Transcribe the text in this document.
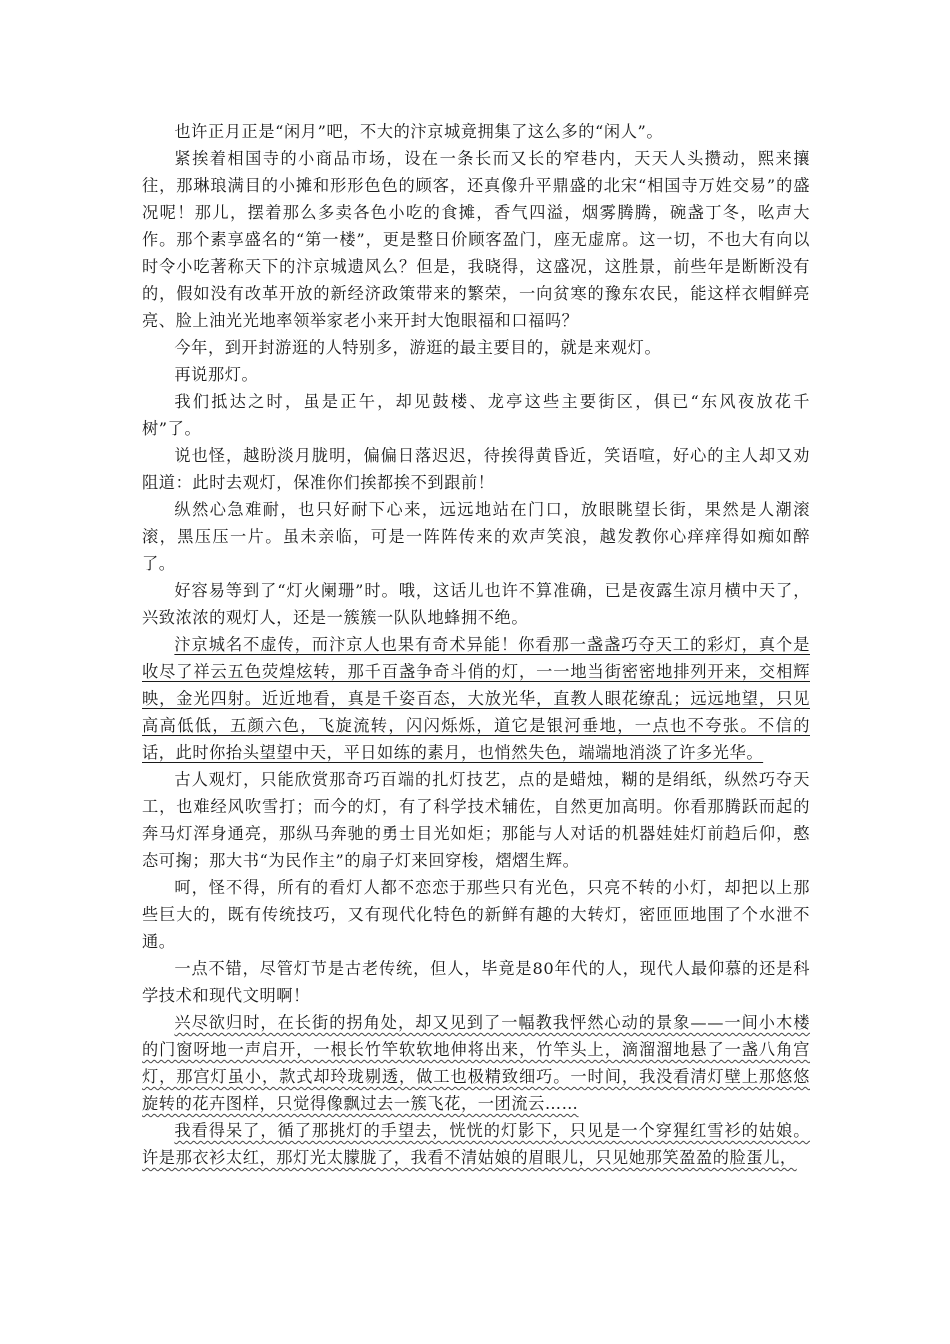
也许正月正是“闲月”吧，不大的汴京城竟拥集了这么多的“闲人”。

紧挨着相国寺的小商品市场，设在一条长而又长的窄巷内，天天人头攒动，熙来攘往，那琳琅满目的小摊和形形色色的顾客，还真像升平鼎盛的北宋“相国寺万姓交易”的盛况呢！那儿，摆着那么多卖各色小吃的食摊，香气四溢，烟雾腾腾，碗盏丁冬，吆声大作。那个素享盛名的“第一楼”，更是整日价顾客盈门，座无虚席。这一切，不也大有向以时令小吃著称天下的汴京城遗风么？但是，我晓得，这盛况，这胜景，前些年是断断没有的，假如没有改革开放的新经济政策带来的繁荣，一向贫寒的豫东农民，能这样衣帽鲜亮亮、脸上油光光地率领举家老小来开封大饱眼福和口福吗？

今年，到开封游逛的人特别多，游逛的最主要目的，就是来观灯。

再说那灯。

我们抵达之时，虽是正午，却见鼓楼、龙亭这些主要街区，俱已“东风夜放花千树”了。

说也怪，越盼淡月胧明，偏偏日落迟迟，待挨得黄昏近，笑语喧，好心的主人却又劝阻道：此时去观灯，保准你们挨都挨不到跟前！

纵然心急难耐，也只好耐下心来，远远地站在门口，放眼眺望长街，果然是人潮滚滚，黑压压一片。虽未亲临，可是一阵阵传来的欢声笑浪，越发教你心痒痒得如痴如醉了。

好容易等到了“灯火阑珊”时。哦，这话儿也许不算准确，已是夜露生凉月横中天了，兴致浓浓的观灯人，还是一簇簇一队队地蜂拥不绝。

汴京城名不虚传，而汴京人也果有奇术异能！你看那一盏盏巧夺天工的彩灯，真个是收尽了祥云五色荧煌炫转，那千百盏争奇斗俏的灯，一一地当街密密地排列开来，交相辉映，金光四射。近近地看，真是千姿百态，大放光华，直教人眼花缭乱；远远地望，只见高高低低，五颜六色，飞旋流转，闪闪烁烁，道它是银河垂地，一点也不夸张。不信的话，此时你抬头望望中天，平日如练的素月，也悄然失色，端端地消淡了许多光华。

古人观灯，只能欣赏那奇巧百端的扎灯技艺，点的是蜡烛，糊的是绢纸，纵然巧夺天工，也难经风吹雪打；而今的灯，有了科学技术辅佐，自然更加高明。你看那腾跃而起的奔马灯浑身通亮，那纵马奔驰的勇士目光如炬；那能与人对话的机器娃娃灯前趋后仰，憨态可掬；那大书“为民作主”的扇子灯来回穿梭，熠熠生辉。

呵，怪不得，所有的看灯人都不恋恋于那些只有光色，只亮不转的小灯，却把以上那些巨大的，既有传统技巧，又有现代化特色的新鲜有趣的大转灯，密匝匝地围了个水泄不通。

一点不错，尽管灯节是古老传统，但人，毕竟是80年代的人，现代人最仰慕的还是科学技术和现代文明啊！

兴尽欲归时，在长街的拐角处，却又见到了一幅教我怦然心动的景象——一间小木楼的门窗呀地一声启开，一根长竹竿软软地伸将出来，竹竿头上，滴溜溜地悬了一盏八角宫灯，那宫灯虽小，款式却玲珑剔透，做工也极精致细巧。一时间，我没看清灯壁上那悠悠旋转的花卉图样，只觉得像飘过去一簇飞花，一团流云……

我看得呆了，循了那挑灯的手望去，恍恍的灯影下，只见是一个穿猩红雪衫的姑娘。许是那衣衫太红，那灯光太朦胧了，我看不清姑娘的眉眼儿，只见她那笑盈盈的脸蛋儿，
